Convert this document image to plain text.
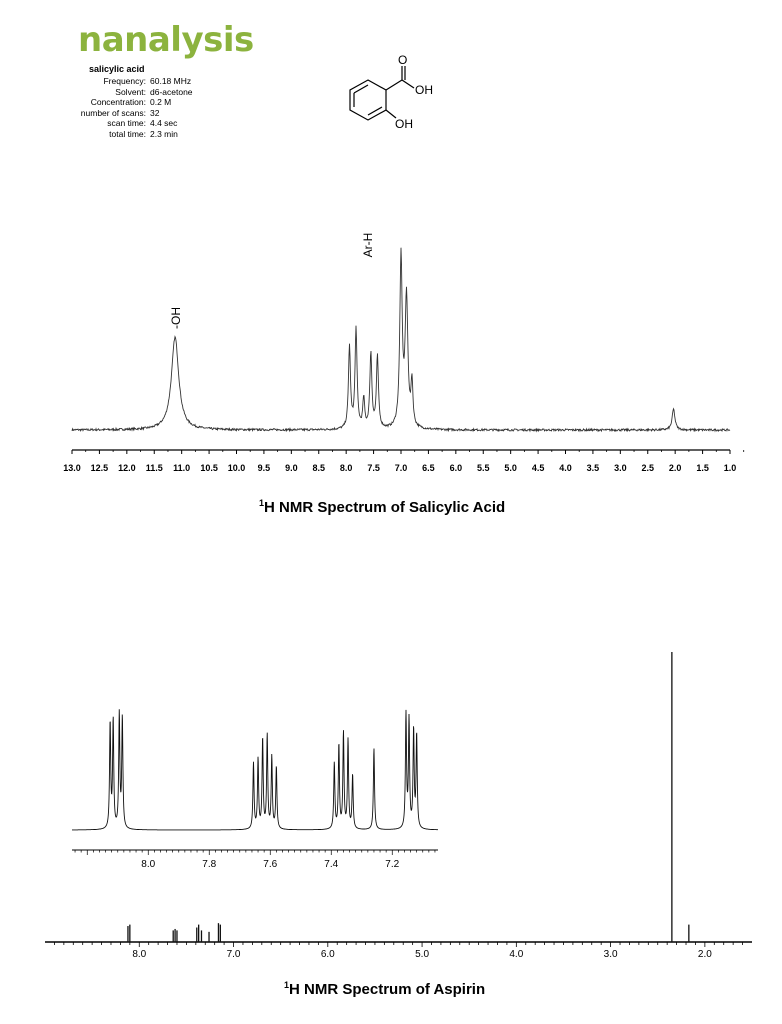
nanalysis
salicylic acid
Frequency: 60.18 MHz
Solvent: d6-acetone
Concentration: 0.2 M
number of scans: 32
scan time: 4.4 sec
total time: 2.3 min
O
OH
OH
13.0 12.5 12.0 11.5 11.0 10.5 10.0 9.5 9.0 8.5 8.0 7.5 7.0 6.5 6.0 5.5 5.0 4.5 4.0 3.5 3.0 2.5 2.0 1.5 1.0
-OH
Ar-H
$^1$H NMR Spectrum of Salicylic Acid
8.0	7.0	6.0	5.0	4.0	3.0	2.0
8.0	7.8	7.6	7.4	7.2
$^1$H NMR Spectrum of Aspirin
